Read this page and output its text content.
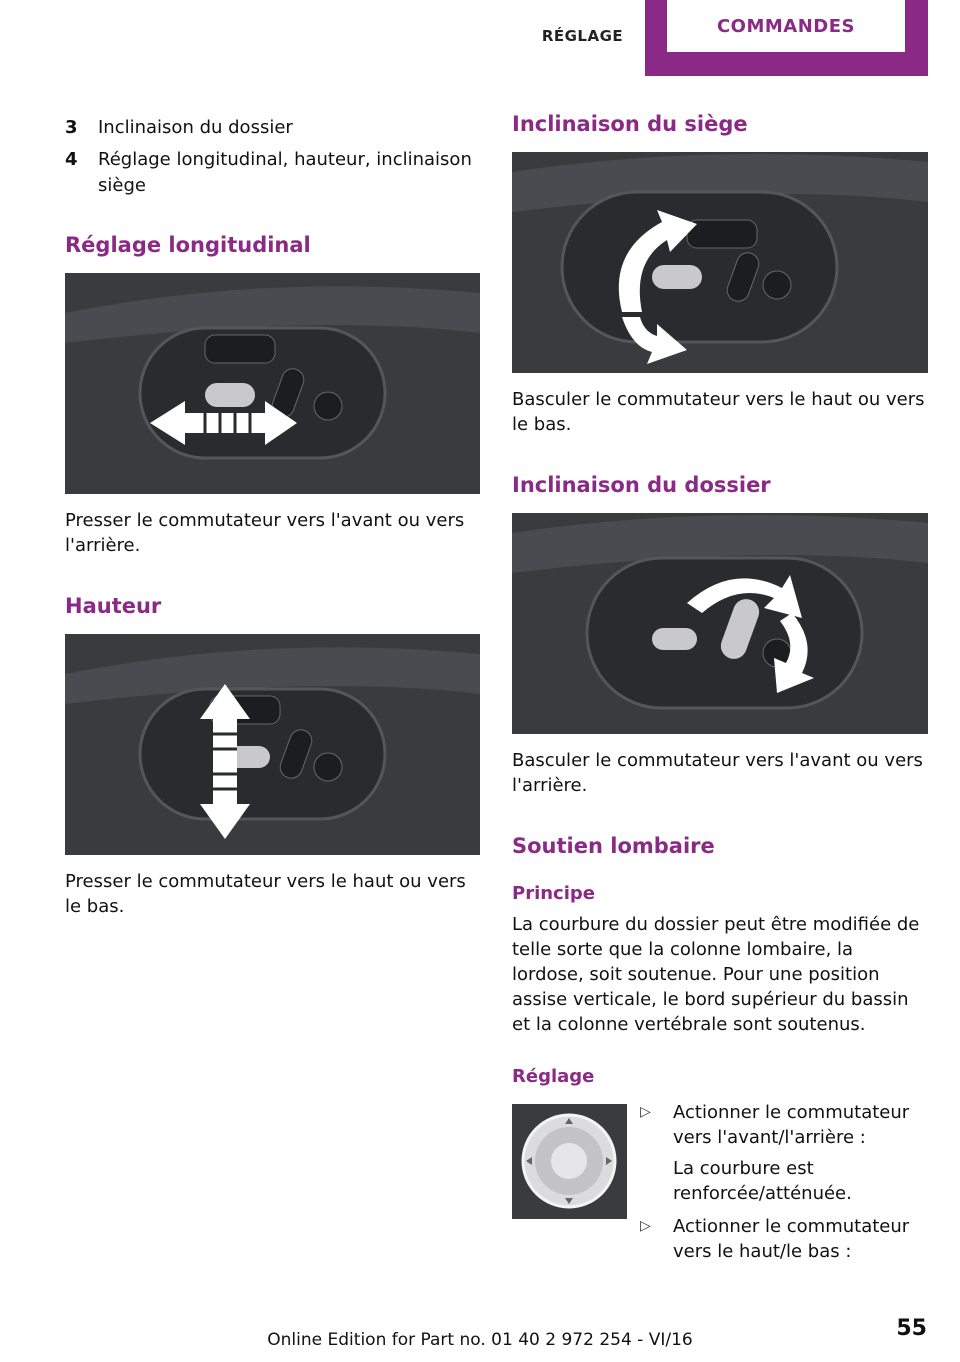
RÉGLAGE	COMMANDES
3	Inclinaison du dossier
4	Réglage longitudinal, hauteur, inclinaison siège
Réglage longitudinal

Presser le commutateur vers l'avant ou vers l'arrière.

Hauteur

Presser le commutateur vers le haut ou vers le bas.

Inclinaison du siège

Basculer le commutateur vers le haut ou vers le bas.

Inclinaison du dossier

Basculer le commutateur vers l'avant ou vers l'arrière.

Soutien lombaire
Principe

La courbure du dossier peut être modifiée de telle sorte que la colonne lombaire, la lordose, soit soutenue. Pour une position assise verticale, le bord supérieur du bassin et la colonne vertébrale sont soutenus.

Réglage
▷	Actionner le commutateur vers l'avant/l'arrière :
La courbure est renforcée/atténuée.
▷	Actionner le commutateur vers le haut/le bas :
55
Online Edition for Part no. 01 40 2 972 254 - VI/16
